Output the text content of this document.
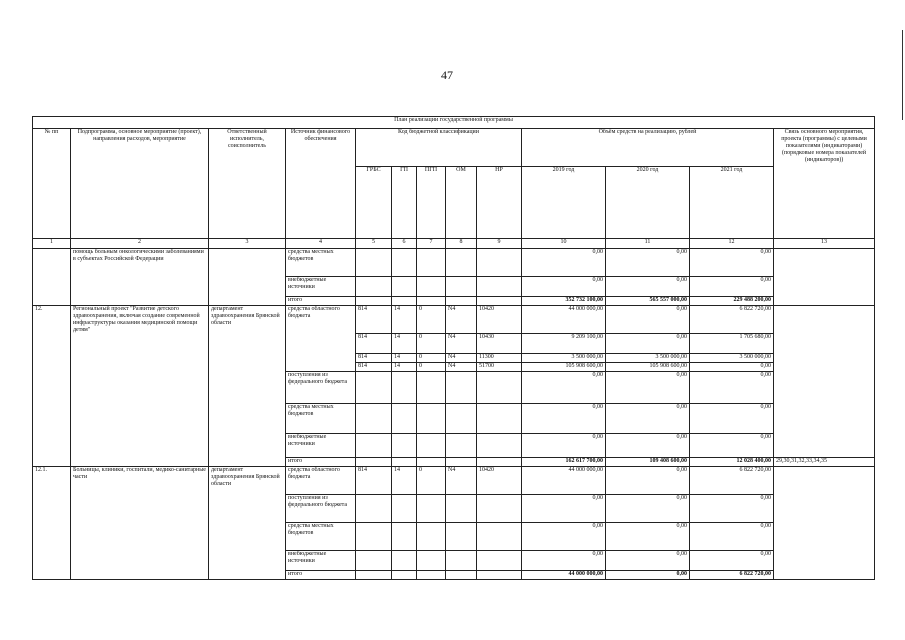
47
План реализации государственной программы												
№ пп	Подпрограмма, основное мероприятие (проект), направления расходов, мероприятие	Ответственный исполнитель, соисполнитель	Источник финансового обеспечения	Код бюджетной классификации					Объём средств на реализацию, рублей			Связь основного мероприятия, проекта (программы) с целевыми показателями (индикаторами) (порядковые номера показателей (индикаторов))
				ГРБС	ГП	ПГП	ОМ	НР	2019 год	2020 год	2021 год	
1	2	3	4	5	6	7	8	9	10	11	12	13
	помощь больным онкологическими заболеваниями в субъектах Российской Федерации		средства местных бюджетов						0,00	0,00	0,00	
			внебюджетные источники						0,00	0,00	0,00	
			итого						352 732 100,00	565 557 000,00	229 488 200,00	
12.	Региональный проект "Развитие детского здравоохранения, включая создание современной инфраструктуры оказания медицинской помощи детям"	департамент здравоохранения Брянской области	средства областного бюджета	814	14	0	N4	10420	44 000 000,00	0,00	6 822 720,00	
				814	14	0	N4	10430	9 209 100,00	0,00	1 705 680,00	
				814	14	0	N4	11300	3 500 000,00	3 500 000,00	3 500 000,00	
				814	14	0	N4	51700	105 908 600,00	105 908 600,00	0,00	
			поступления из федерального бюджета						0,00	0,00	0,00	
			средства местных бюджетов						0,00	0,00	0,00	
			внебюджетные источники						0,00	0,00	0,00	
			итого						162 617 700,00	109 408 600,00	12 028 400,00	29,30,31,32,33,34,35
12.1.	Больницы, клиники, госпитали, медико-санитарные части	департамент здравоохранения Брянской области	средства областного бюджета	814	14	0	N4	10420	44 000 000,00	0,00	6 822 720,00	
			поступления из федерального бюджета						0,00	0,00	0,00	
			средства местных бюджетов						0,00	0,00	0,00	
			внебюджетные источники						0,00	0,00	0,00	
			итого						44 000 000,00	0,00	6 822 720,00	
